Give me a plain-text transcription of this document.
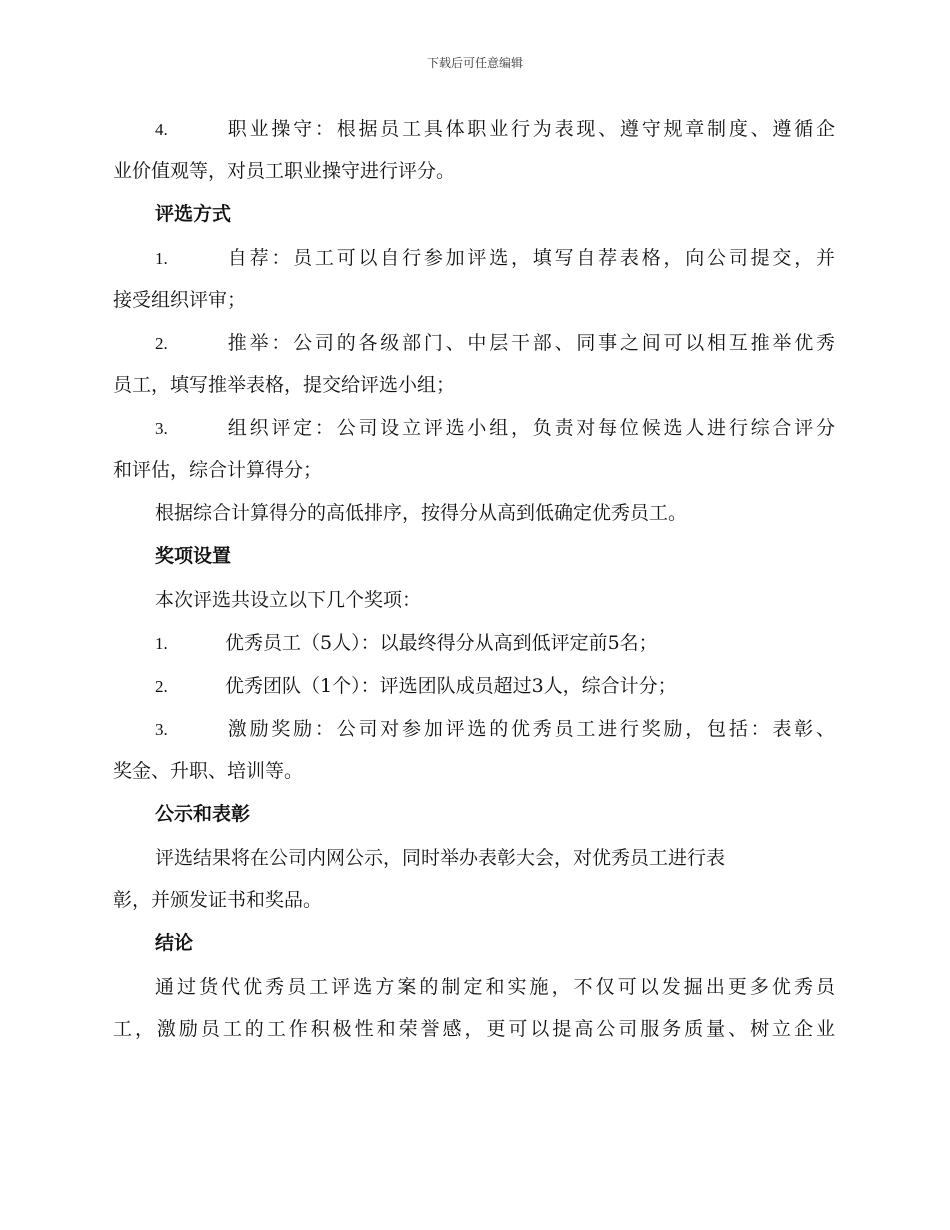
下载后可任意编辑
4.	职业操守：根据员工具体职业行为表现、遵守规章制度、遵循企
业价值观等，对员工职业操守进行评分。
评选方式
1.	自荐：员工可以自行参加评选，填写自荐表格，向公司提交，并
接受组织评审；
2.	推举：公司的各级部门、中层干部、同事之间可以相互推举优秀
员工，填写推举表格，提交给评选小组；
3.	组织评定：公司设立评选小组，负责对每位候选人进行综合评分
和评估，综合计算得分；
根据综合计算得分的高低排序，按得分从高到低确定优秀员工。
奖项设置
本次评选共设立以下几个奖项：
1.	优秀员工（5人）：以最终得分从高到低评定前5名；
2.	优秀团队（1个）：评选团队成员超过3人，综合计分；
3.	激励奖励：公司对参加评选的优秀员工进行奖励，包括：表彰、
奖金、升职、培训等。
公示和表彰
评选结果将在公司内网公示，同时举办表彰大会，对优秀员工进行表
彰，并颁发证书和奖品。
结论
通过货代优秀员工评选方案的制定和实施，不仅可以发掘出更多优秀员
工，激励员工的工作积极性和荣誉感，更可以提高公司服务质量、树立企业
